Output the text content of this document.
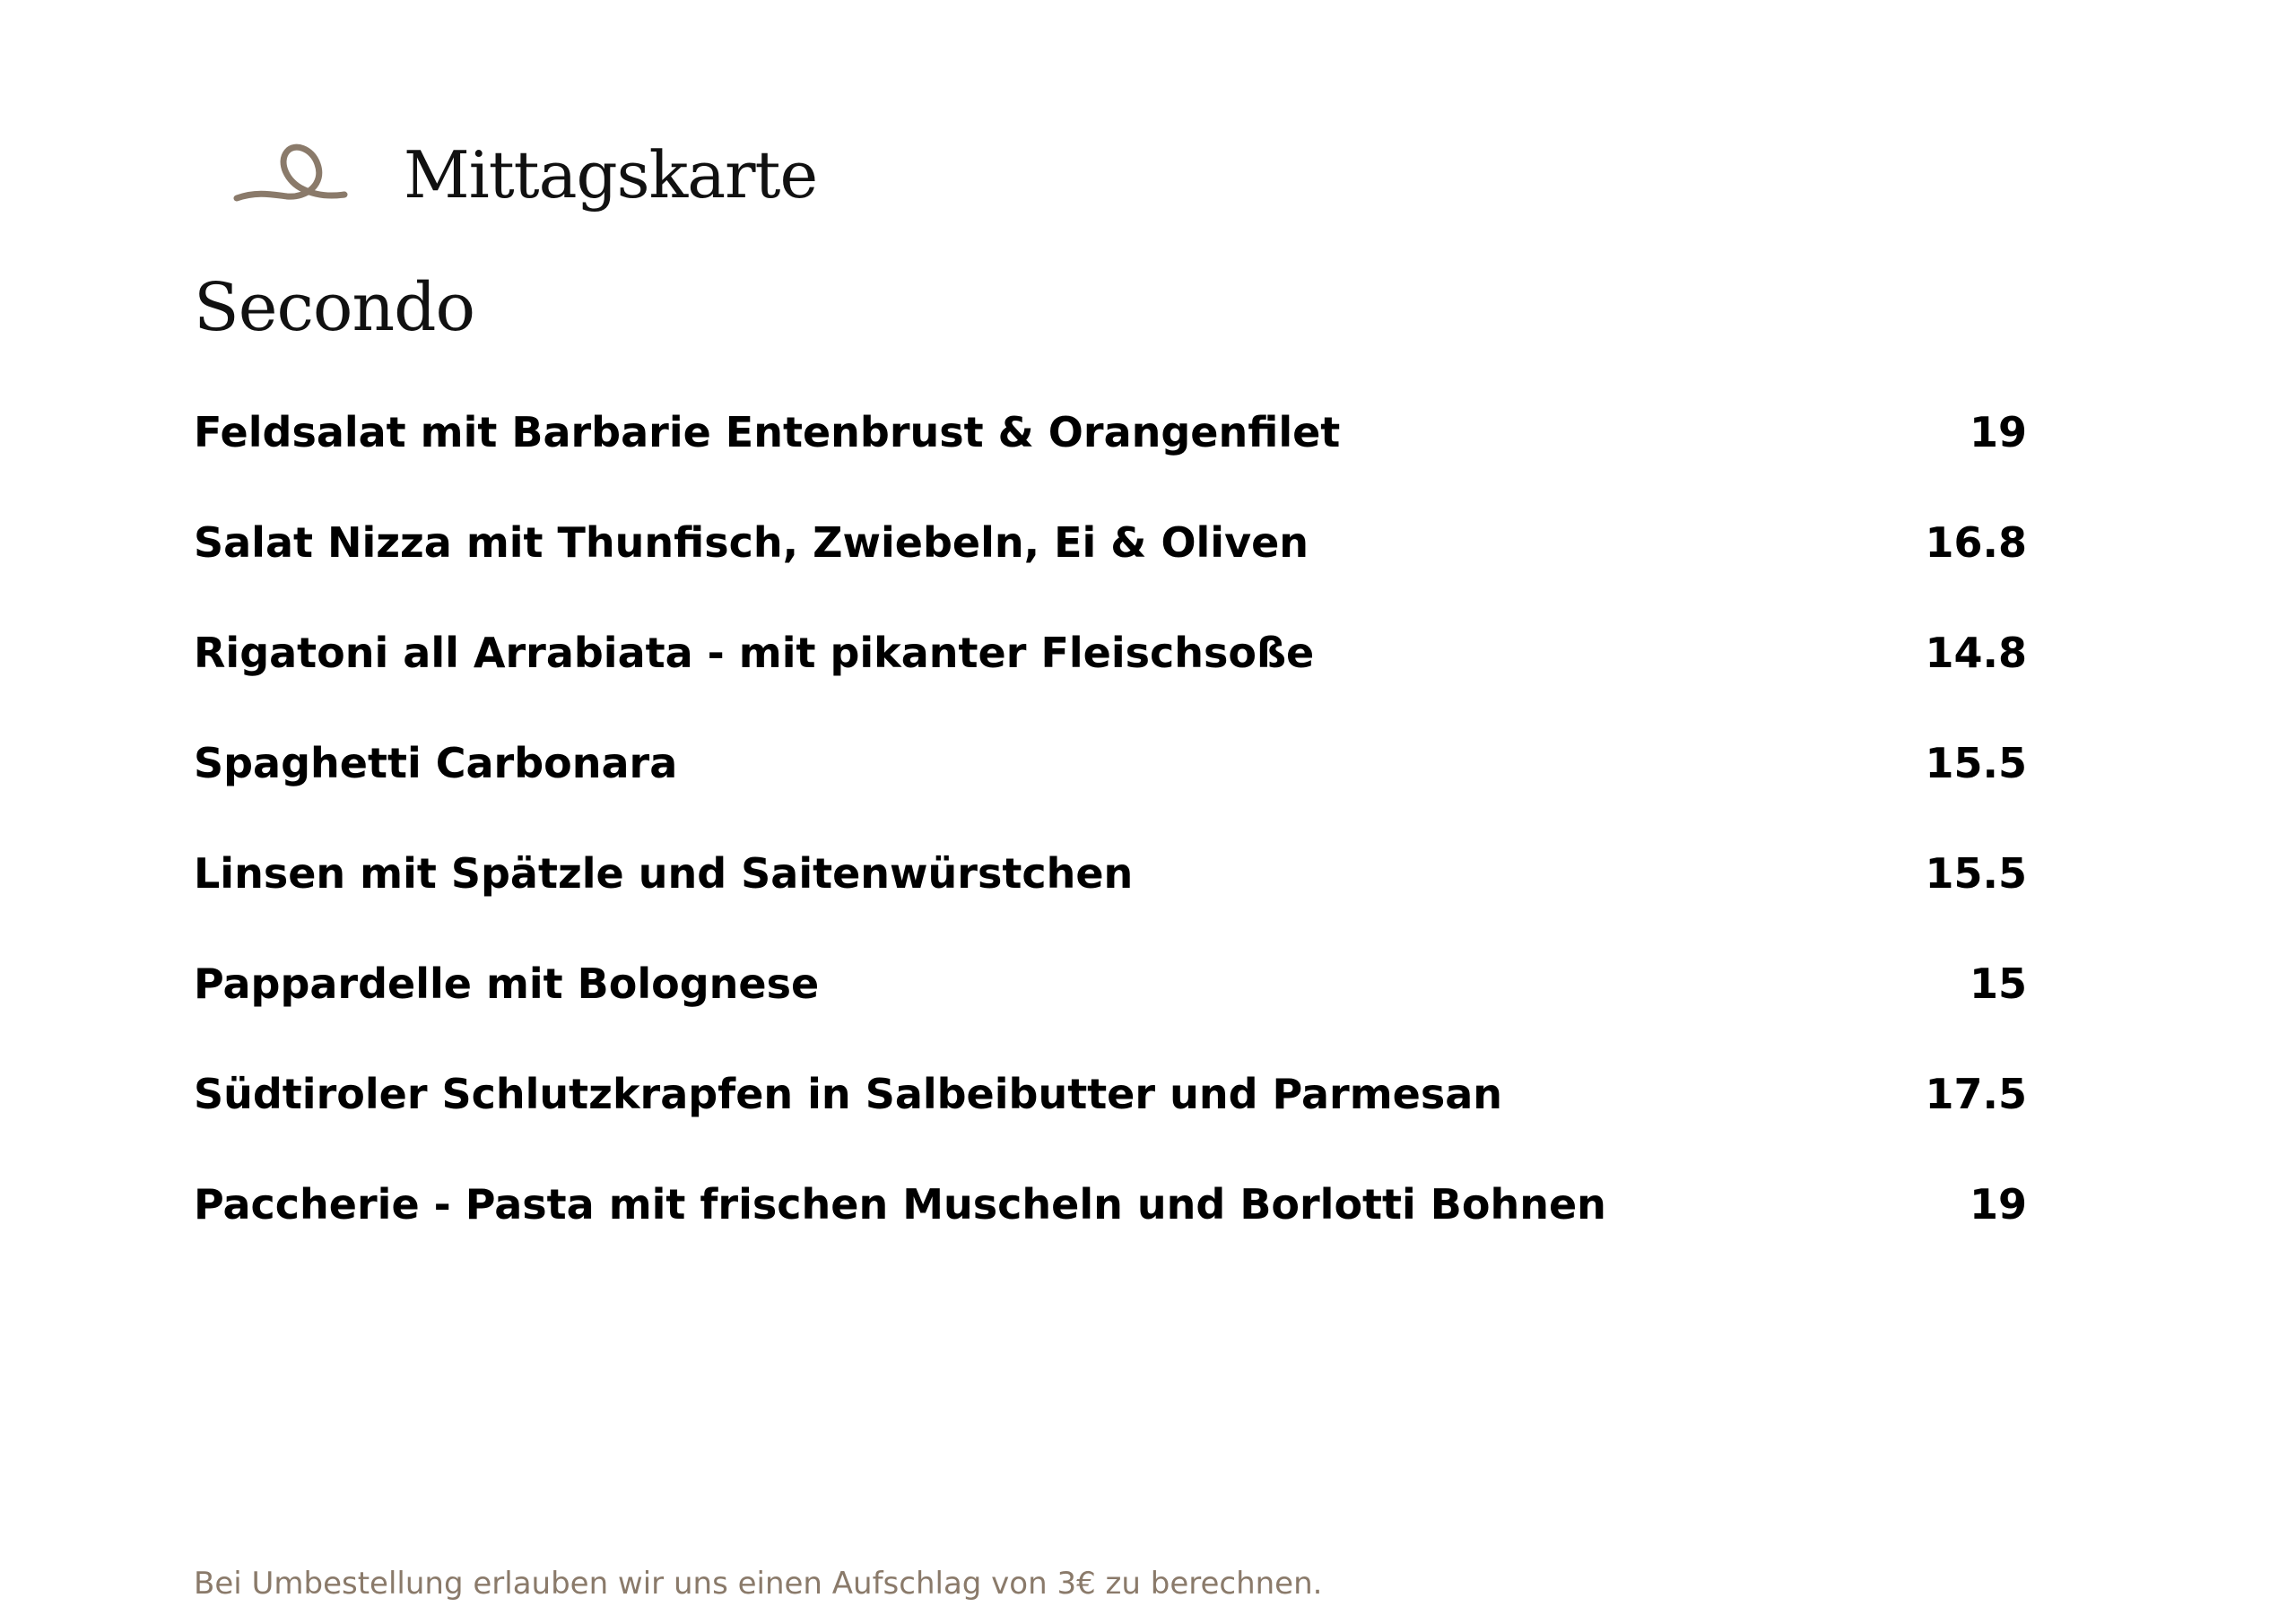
Mittagskarte
Secondo
Feldsalat mit Barbarie Entenbrust & Orangenfilet	19
Salat Nizza mit Thunfisch, Zwiebeln, Ei & Oliven	16.8
Rigatoni all Arrabiata - mit pikanter Fleischsoße	14.8
Spaghetti Carbonara	15.5
Linsen mit Spätzle und Saitenwürstchen	15.5
Pappardelle mit Bolognese	15
Südtiroler Schlutzkrapfen in Salbeibutter und Parmesan	17.5
Paccherie - Pasta mit frischen Muscheln und Borlotti Bohnen	19
Bei Umbestellung erlauben wir uns einen Aufschlag von 3€ zu berechnen.
